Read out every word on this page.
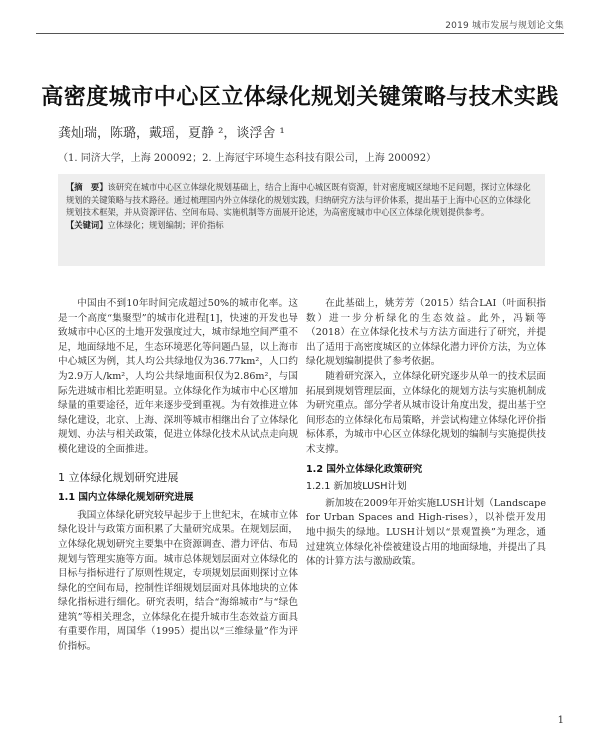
2019 城市发展与规划论文集
高密度城市中心区立体绿化规划关键策略与技术实践
龚灿瑞，陈璐，戴瑶，夏静 ²，谈浮舍 ¹
（1. 同济大学，上海 200092；2. 上海冠宇环境生态科技有限公司，上海 200092）

【摘　要】该研究在城市中心区立体绿化规划基础上，结合上海中心城区既有资源，针对密度城区绿地不足问题，探讨立体绿化规划的关键策略与技术路径。通过梳理国内外立体绿化的规划实践，归纳研究方法与评价体系，提出基于上海中心区的立体绿化规划技术框架，并从资源评估、空间布局、实施机制等方面展开论述，为高密度城市中心区立体绿化规划提供参考。

【关键词】立体绿化；规划编制；评价指标

中国由不到10年时间完成超过50%的城市化率。这是一个高度“集聚型”的城市化进程[1]，快速的开发也导致城市中心区的土地开发强度过大，城市绿地空间严重不足，地面绿地不足，生态环境恶化等问题凸显，以上海市中心城区为例，其人均公共绿地仅为36.77km²，人口约为2.9万人/km²，人均公共绿地面积仅为2.86m²，与国际先进城市相比差距明显。立体绿化作为城市中心区增加绿量的重要途径，近年来逐步受到重视。为有效推进立体绿化建设，北京、上海、深圳等城市相继出台了立体绿化规划、办法与相关政策，促进立体绿化技术从试点走向规模化建设的全面推进。

1 立体绿化规划研究进展
1.1 国内立体绿化规划研究进展

我国立体绿化研究较早起步于上世纪末，在城市立体绿化设计与政策方面积累了大量研究成果。在规划层面，立体绿化规划研究主要集中在资源调查、潜力评估、布局规划与管理实施等方面。城市总体规划层面对立体绿化的目标与指标进行了原则性规定，专项规划层面则探讨立体绿化的空间布局，控制性详细规划层面对具体地块的立体绿化指标进行细化。研究表明，结合“海绵城市”与“绿色建筑”等相关理念，立体绿化在提升城市生态效益方面具有重要作用，周国华（1995）提出以“三维绿量”作为评价指标。

在此基础上，姚芳芳（2015）结合LAI（叶面积指数）进一步分析绿化的生态效益。此外，冯颖等（2018）在立体绿化技术与方法方面进行了研究，并提出了适用于高密度城区的立体绿化潜力评价方法，为立体绿化规划编制提供了参考依据。

随着研究深入，立体绿化研究逐步从单一的技术层面拓展到规划管理层面，立体绿化的规划方法与实施机制成为研究重点。部分学者从城市设计角度出发，提出基于空间形态的立体绿化布局策略，并尝试构建立体绿化评价指标体系，为城市中心区立体绿化规划的编制与实施提供技术支撑。

1.2 国外立体绿化政策研究
1.2.1 新加坡LUSH计划

新加坡在2009年开始实施LUSH计划（Landscape for Urban Spaces and High-rises），以补偿开发用地中损失的绿地。LUSH计划以“景观置换”为理念，通过建筑立体绿化补偿被建设占用的地面绿地，并提出了具体的计算方法与激励政策。

1
